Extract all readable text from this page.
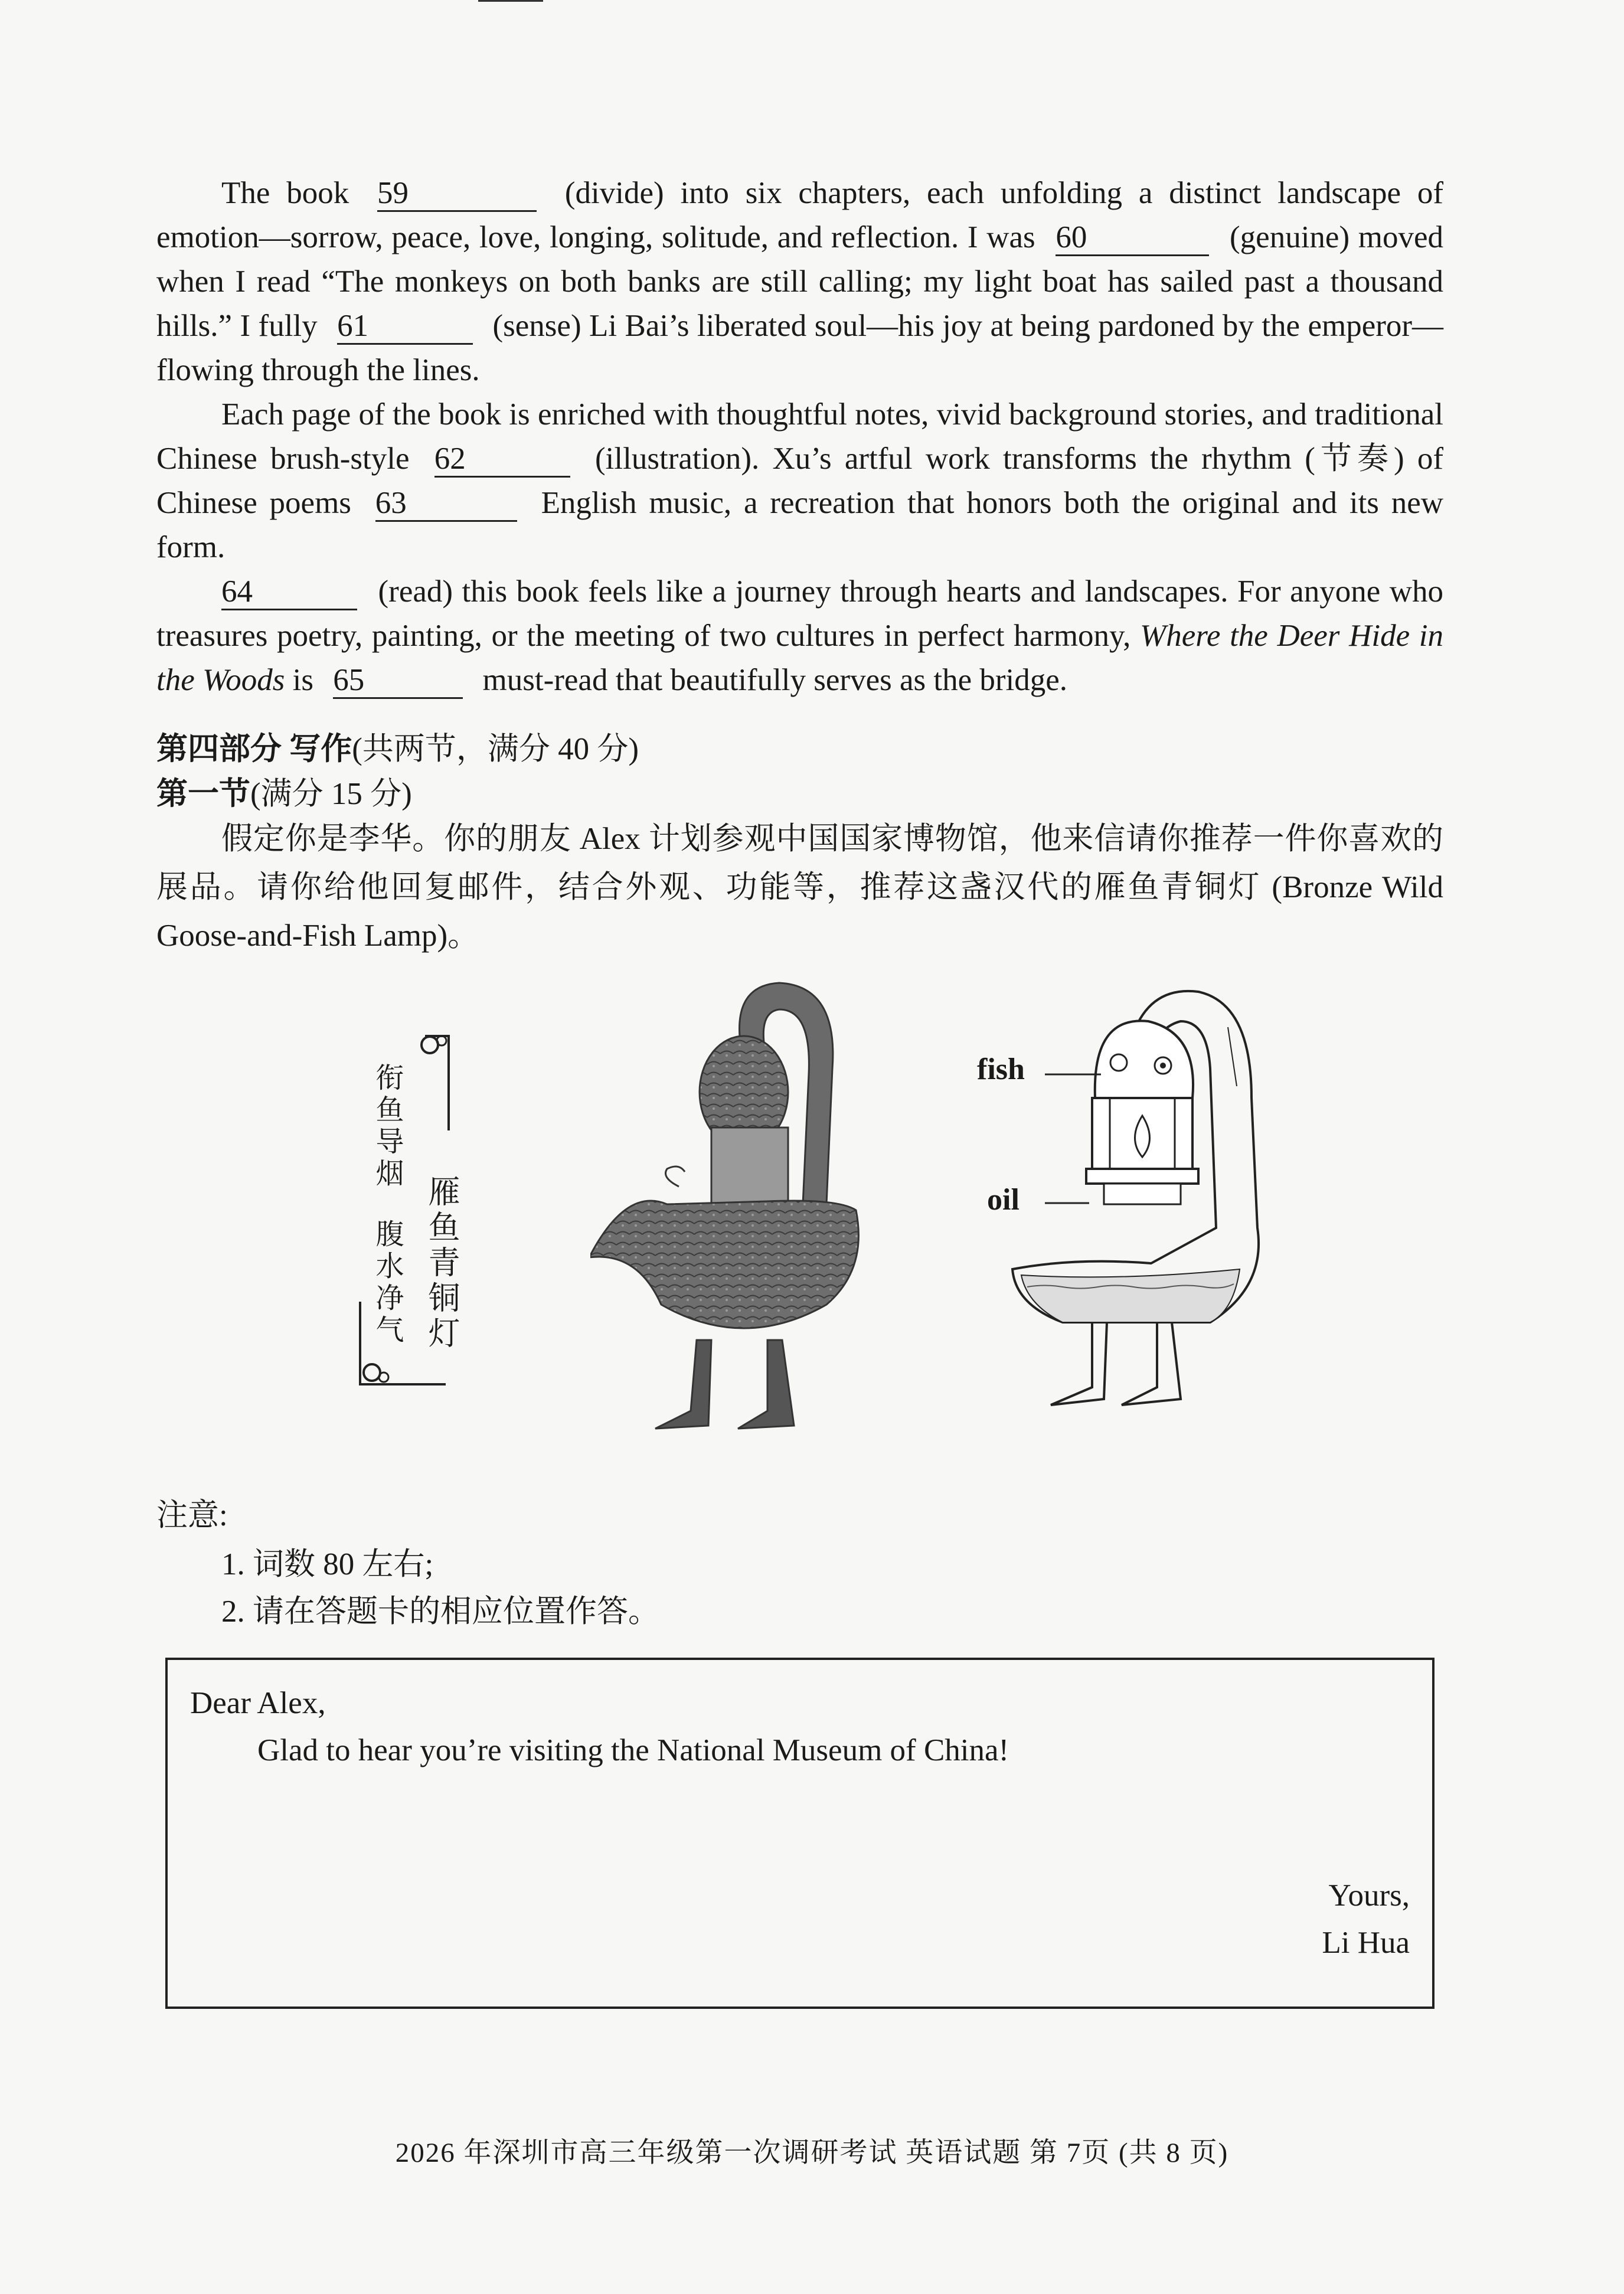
The book 59	(divide) into six chapters, each unfolding a distinct landscape of emotion—sorrow, peace, love, longing, solitude, and reflection. I was 60	(genuine) moved when I read “The monkeys on both banks are still calling; my light boat has sailed past a thousand hills.” I fully 61	(sense) Li Bai’s liberated soul—his joy at being pardoned by the emperor—flowing through the lines.
Each page of the book is enriched with thoughtful notes, vivid background stories, and traditional Chinese brush-style 62	(illustration). Xu’s artful work transforms the rhythm (节奏) of Chinese poems 63	English music, a recreation that honors both the original and its new form.
64	(read) this book feels like a journey through hearts and landscapes. For anyone who treasures poetry, painting, or the meeting of two cultures in perfect harmony, Where the Deer Hide in the Woods is 65	must-read that beautifully serves as the bridge.
第四部分 写作(共两节，满分 40 分)
第一节(满分 15 分)
假定你是李华。你的朋友 Alex 计划参观中国国家博物馆，他来信请你推荐一件你喜欢的展品。请你给他回复邮件，结合外观、功能等，推荐这盏汉代的雁鱼青铜灯 (Bronze Wild Goose-and-Fish Lamp)。
衔鱼导烟
腹水净气 雁鱼青铜灯
fish
oil
注意:
1. 词数 80 左右;
2. 请在答题卡的相应位置作答。
Dear Alex,
Glad to hear you’re visiting the National Museum of China!
Yours,
Li Hua
2026 年深圳市高三年级第一次调研考试 英语试题 第 7页 (共 8 页)
